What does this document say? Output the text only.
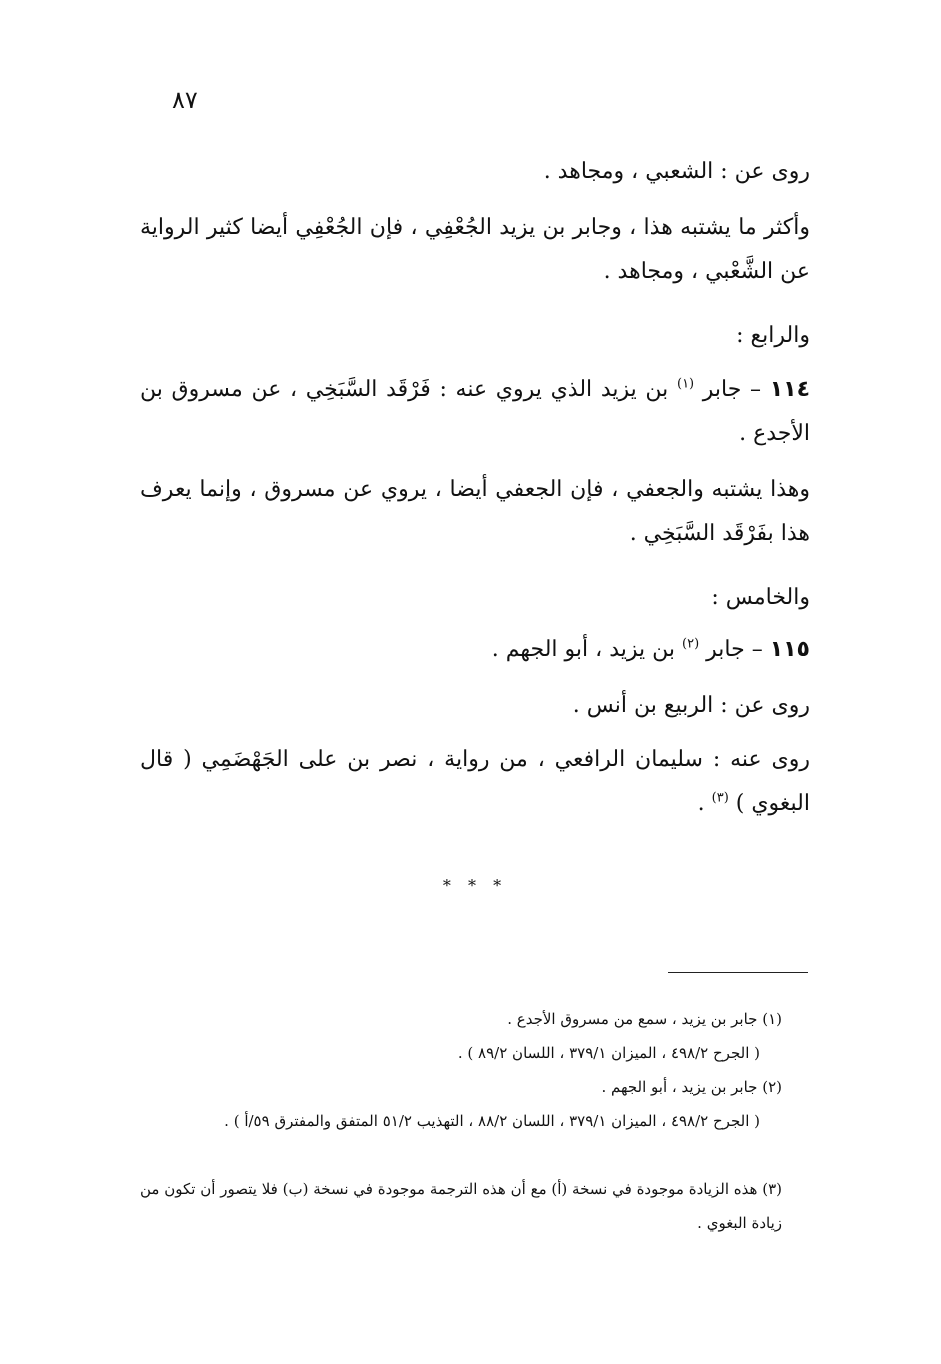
٨٧
روى عن : الشعبي ، ومجاهد .
وأكثر ما يشتبه هذا ، وجابر بن يزيد الجُعْفِي ، فإن الجُعْفِي أيضا كثير الرواية عن الشَّعْبي ، ومجاهد .
والرابع :
١١٤ – جابر $^{(١)}$ بن يزيد الذي يروي عنه : فَرْقَد السَّبَخِي ، عن مسروق بن الأجدع .
وهذا يشتبه والجعفي ، فإن الجعفي أيضا ، يروي عن مسروق ، وإنما يعرف هذا بفَرْقَد السَّبَخِي .
والخامس :
١١٥ – جابر $^{(٢)}$ بن يزيد ، أبو الجهم .
روى عن : الربيع بن أنس .
روى عنه : سليمان الرافعي ، من رواية ، نصر بن على الجَهْضَمِي ( قال البغوي ) $^{(٣)}$ .
* * *
(١) جابر بن يزيد ، سمع من مسروق الأجدع .
( الجرح ٤٩٨/٢ ، الميزان ٣٧٩/١ ، اللسان ٨٩/٢ ) .
(٢) جابر بن يزيد ، أبو الجهم .
( الجرح ٤٩٨/٢ ، الميزان ٣٧٩/١ ، اللسان ٨٨/٢ ، التهذيب ٥١/٢ المتفق والمفترق ٥٩/أ ) .
(٣) هذه الزيادة موجودة في نسخة (أ) مع أن هذه الترجمة موجودة في نسخة (ب) فلا يتصور أن تكون من زيادة البغوي .
